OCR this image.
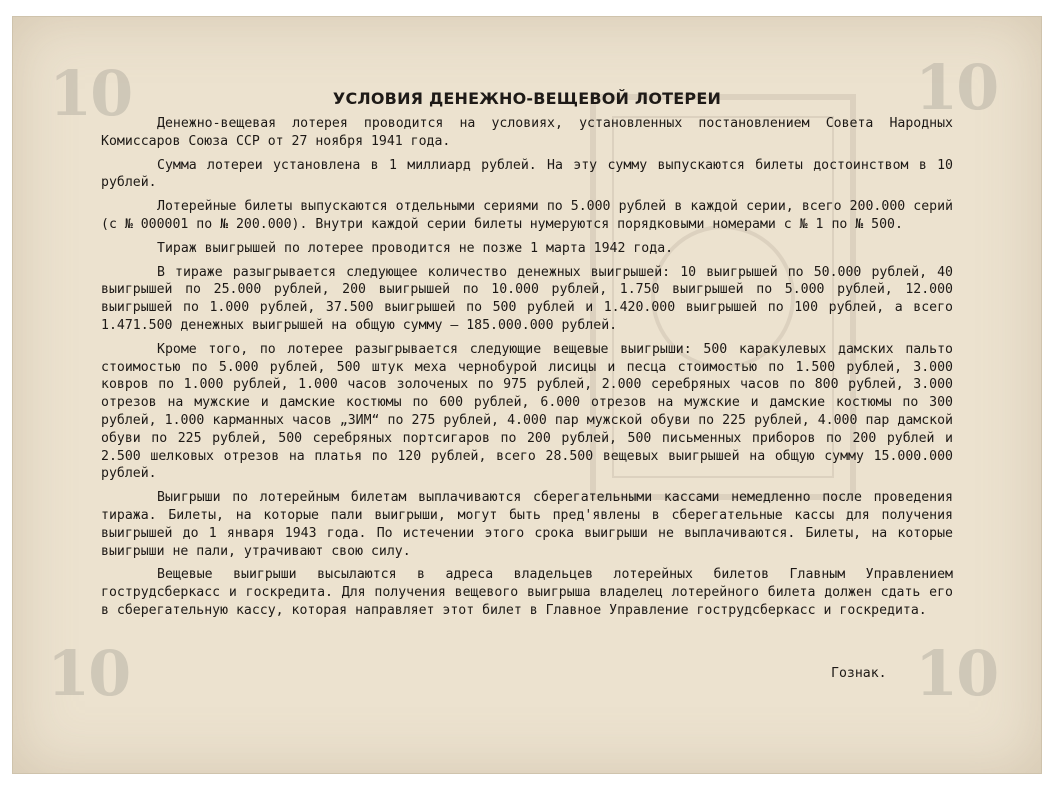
10	10
10	10
УСЛОВИЯ ДЕНЕЖНО-ВЕЩЕВОЙ ЛОТЕРЕИ

Денежно-вещевая лотерея проводится на условиях, установленных постановлением Совета Народных Комиссаров Союза ССР от 27 ноября 1941 года.

Сумма лотереи установлена в 1 миллиард рублей. На эту сумму выпускаются билеты достоинством в 10 рублей.

Лотерейные билеты выпускаются отдельными сериями по 5.000 рублей в каждой серии, всего 200.000 серий (с № 000001 по № 200.000). Внутри каждой серии билеты нумеруются порядковыми номерами с № 1 по № 500.

Тираж выигрышей по лотерее проводится не позже 1 марта 1942 года.

В тираже разыгрывается следующее количество денежных выигрышей: 10 выигрышей по 50.000 рублей, 40 выигрышей по 25.000 рублей, 200 выигрышей по 10.000 рублей, 1.750 выигрышей по 5.000 рублей, 12.000 выигрышей по 1.000 рублей, 37.500 выигрышей по 500 рублей и 1.420.000 выигрышей по 100 рублей, а всего 1.471.500 денежных выигрышей на общую сумму — 185.000.000 рублей.

Кроме того, по лотерее разыгрывается следующие вещевые выигрыши: 500 каракулевых дамских пальто стоимостью по 5.000 рублей, 500 штук меха чернобурой лисицы и песца стоимостью по 1.500 рублей, 3.000 ковров по 1.000 рублей, 1.000 часов золоченых по 975 рублей, 2.000 серебряных часов по 800 рублей, 3.000 отрезов на мужские и дамские костюмы по 600 рублей, 6.000 отрезов на мужские и дамские костюмы по 300 рублей, 1.000 карманных часов „ЗИМ“ по 275 рублей, 4.000 пар мужской обуви по 225 рублей, 4.000 пар дамской обуви по 225 рублей, 500 серебряных портсигаров по 200 рублей, 500 письменных приборов по 200 рублей и 2.500 шелковых отрезов на платья по 120 рублей, всего 28.500 вещевых выигрышей на общую сумму 15.000.000 рублей.

Выигрыши по лотерейным билетам выплачиваются сберегательными кассами немедленно после проведения тиража. Билеты, на которые пали выигрыши, могут быть пред'явлены в сберегательные кассы для получения выигрышей до 1 января 1943 года. По истечении этого срока выигрыши не выплачиваются. Билеты, на которые выигрыши не пали, утрачивают свою силу.

Вещевые выигрыши высылаются в адреса владельцев лотерейных билетов Главным Управлением гострудсберкасс и госкредита. Для получения вещевого выигрыша владелец лотерейного билета должен сдать его в сберегательную кассу, которая направляет этот билет в Главное Управление гострудсберкасс и госкредита.

Гознак.
